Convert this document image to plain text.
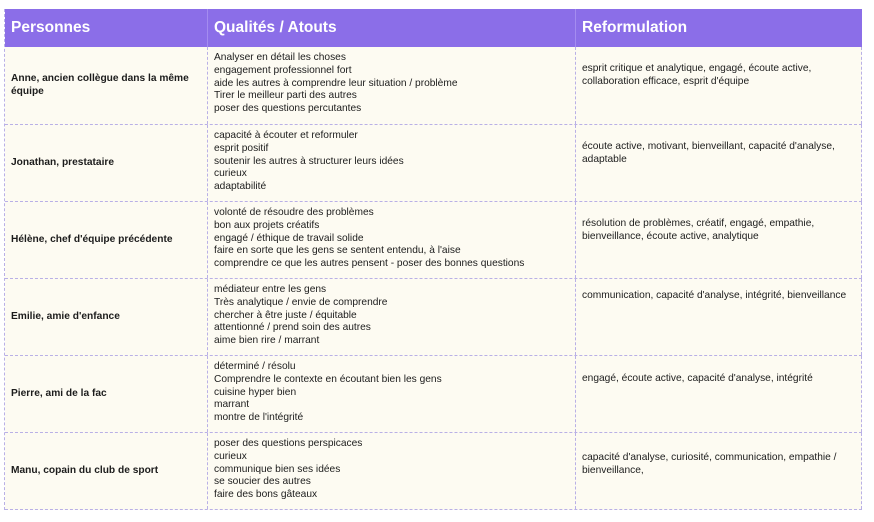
Personnes	Qualités / Atouts	Reformulation
Anne, ancien collègue dans la même équipe
Analyser en détail les choses
engagement professionnel fort
aide les autres à comprendre leur situation / problème
Tirer le meilleur parti des autres
poser des questions percutantes
esprit critique et analytique, engagé, écoute active, collaboration efficace, esprit d'équipe
Jonathan, prestataire
capacité à écouter et reformuler
esprit positif
soutenir les autres à structurer leurs idées
curieux
adaptabilité
écoute active, motivant, bienveillant, capacité d'analyse, adaptable
Hélène, chef d'équipe précédente
volonté de résoudre des problèmes
bon aux projets créatifs
engagé / éthique de travail solide
faire en sorte que les gens se sentent entendu, à l'aise
comprendre ce que les autres pensent - poser des bonnes questions
résolution de problèmes, créatif, engagé, empathie, bienveillance, écoute active, analytique
Emilie, amie d'enfance
médiateur entre les gens
Très analytique / envie de comprendre
chercher à être juste / équitable
attentionné / prend soin des autres
aime bien rire / marrant
communication, capacité d'analyse, intégrité, bienveillance
Pierre, ami de la fac
déterminé / résolu
Comprendre le contexte en écoutant bien les gens
cuisine hyper bien
marrant
montre de l'intégrité
engagé, écoute active, capacité d'analyse, intégrité
Manu, copain du club de sport
poser des questions perspicaces
curieux
communique bien ses idées
se soucier des autres
faire des bons gâteaux
capacité d'analyse, curiosité, communication, empathie / bienveillance,
